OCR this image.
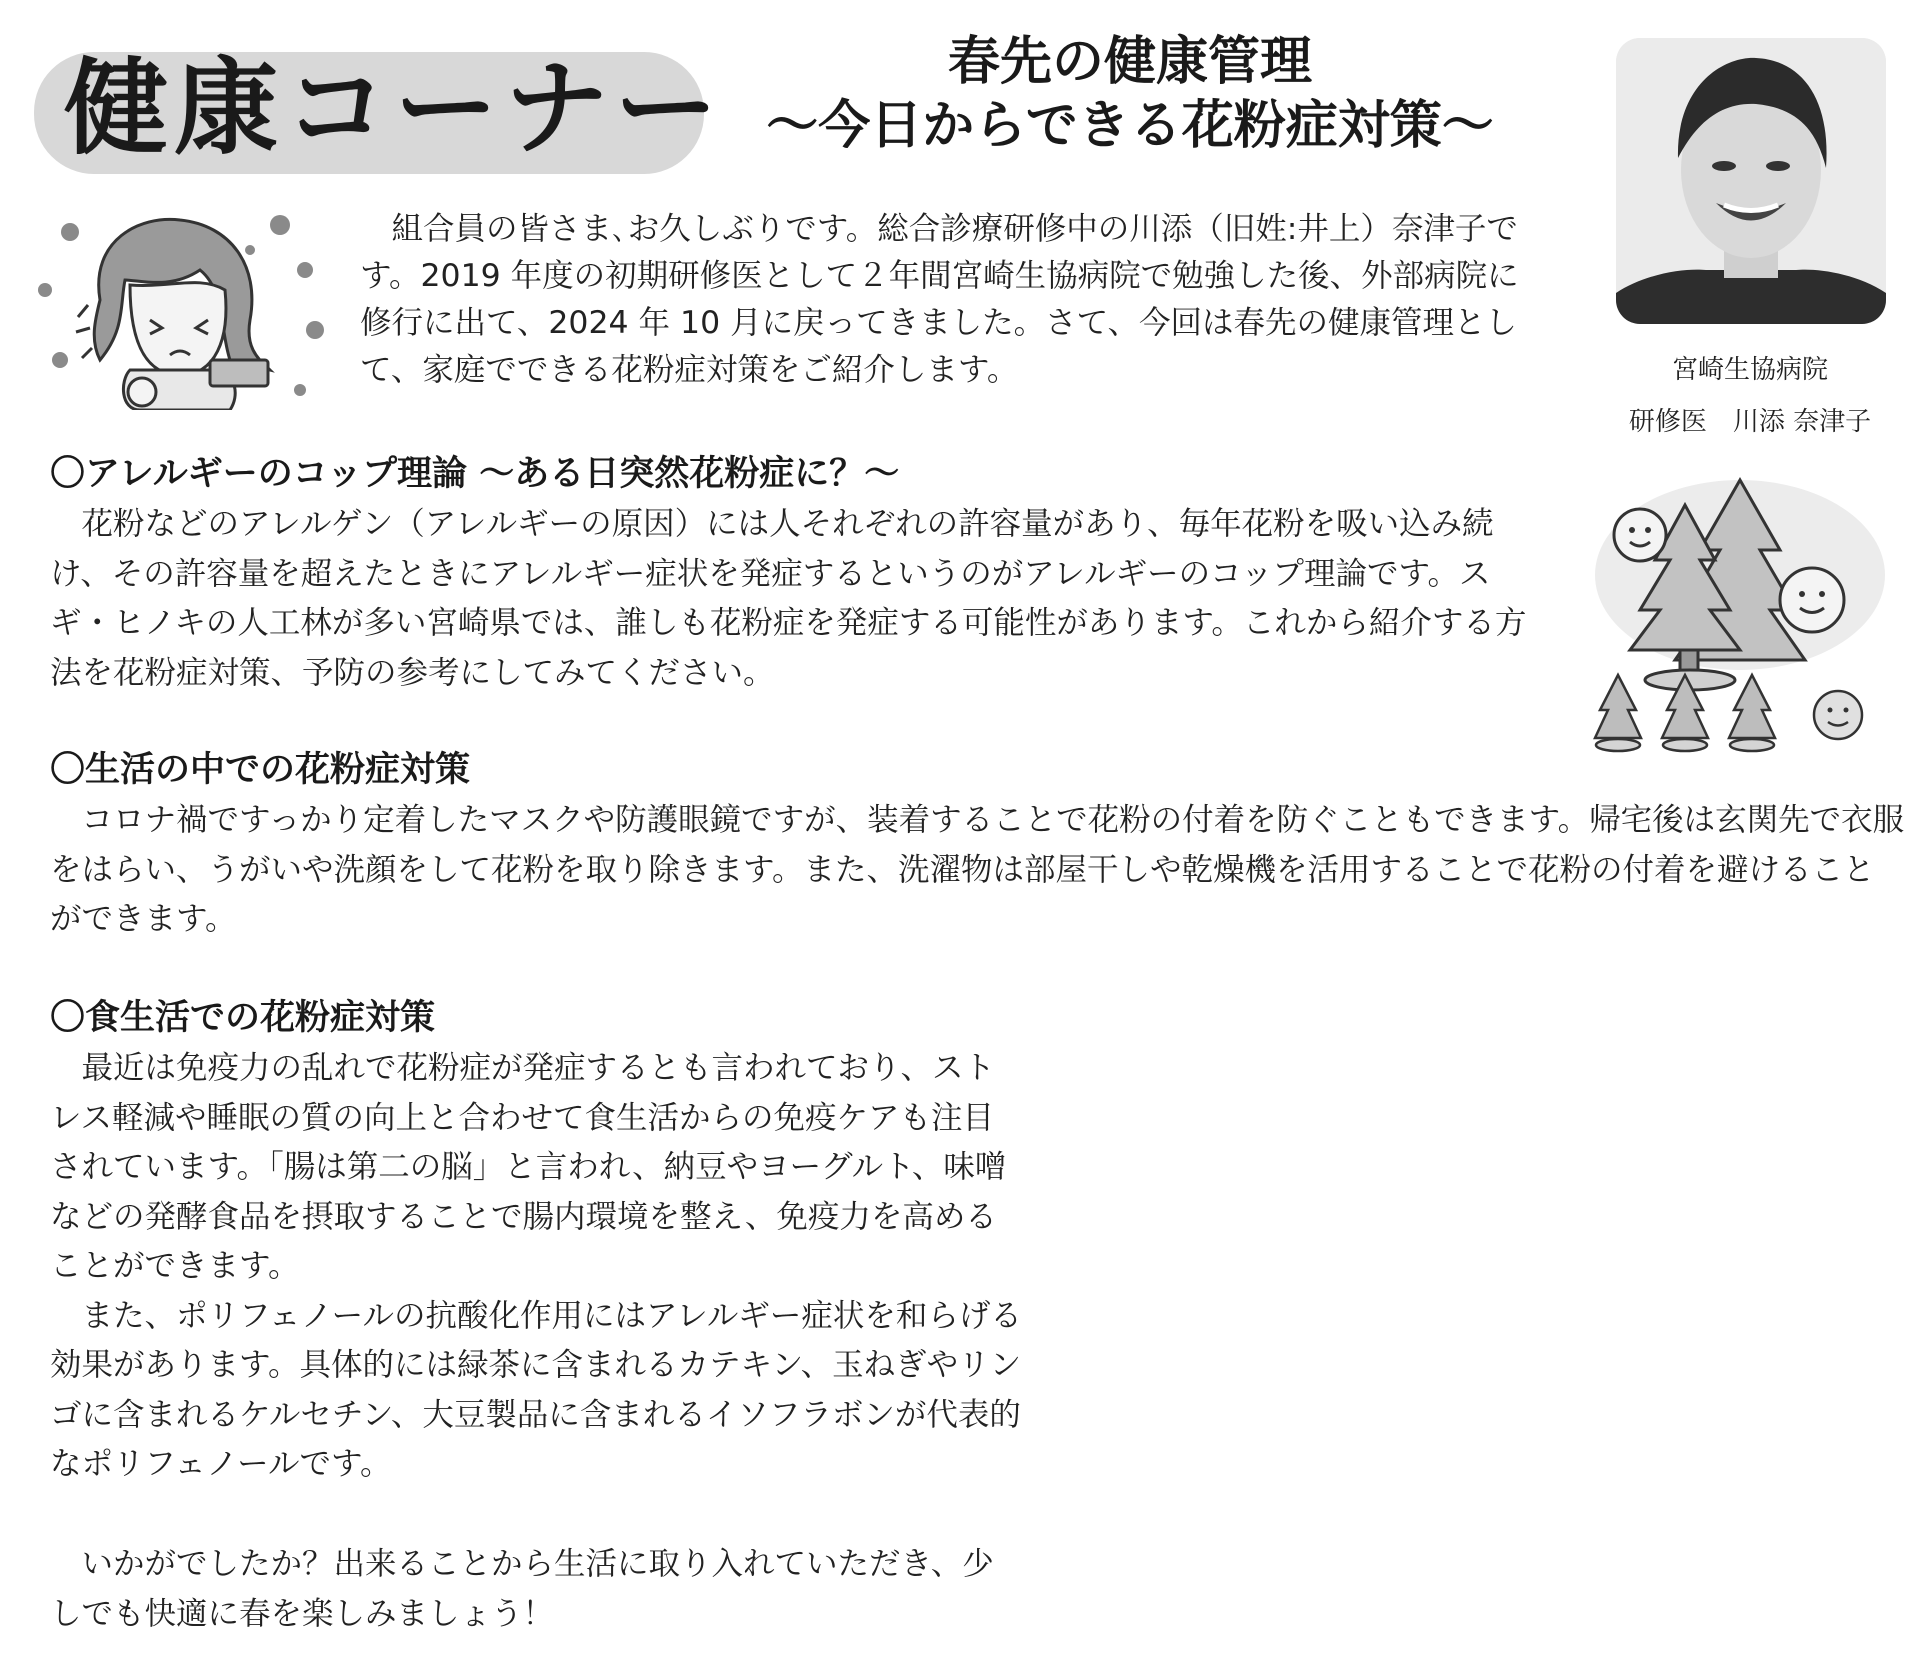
健康コーナー	春先の健康管理
～今日からできる花粉症対策～
宮崎生協病院
研修医　川添 奈津子

組合員の皆さま､お久しぶりです。総合診療研修中の川添（旧姓:井上）奈津子です。2019 年度の初期研修医として２年間宮崎生協病院で勉強した後、外部病院に修行に出て、2024 年 10 月に戻ってきました。さて、今回は春先の健康管理として、家庭でできる花粉症対策をご紹介します。

〇アレルギーのコップ理論 ～ある日突然花粉症に？～

花粉などのアレルゲン（アレルギーの原因）には人それぞれの許容量があり、毎年花粉を吸い込み続け、その許容量を超えたときにアレルギー症状を発症するというのがアレルギーのコップ理論です。スギ・ヒノキの人工林が多い宮崎県では、誰しも花粉症を発症する可能性があります。これから紹介する方法を花粉症対策、予防の参考にしてみてください。

〇生活の中での花粉症対策

コロナ禍ですっかり定着したマスクや防護眼鏡ですが、装着することで花粉の付着を防ぐこともできます。帰宅後は玄関先で衣服をはらい、うがいや洗顔をして花粉を取り除きます。また、洗濯物は部屋干しや乾燥機を活用することで花粉の付着を避けることができます。

〇食生活での花粉症対策

最近は免疫力の乱れで花粉症が発症するとも言われており、ストレス軽減や睡眠の質の向上と合わせて食生活からの免疫ケアも注目されています。「腸は第二の脳」と言われ、納豆やヨーグルト、味噌などの発酵食品を摂取することで腸内環境を整え、免疫力を高めることができます。

また、ポリフェノールの抗酸化作用にはアレルギー症状を和らげる効果があります。具体的には緑茶に含まれるカテキン、玉ねぎやリンゴに含まれるケルセチン、大豆製品に含まれるイソフラボンが代表的なポリフェノールです。

いかがでしたか？出来ることから生活に取り入れていただき、少しでも快適に春を楽しみましょう！
